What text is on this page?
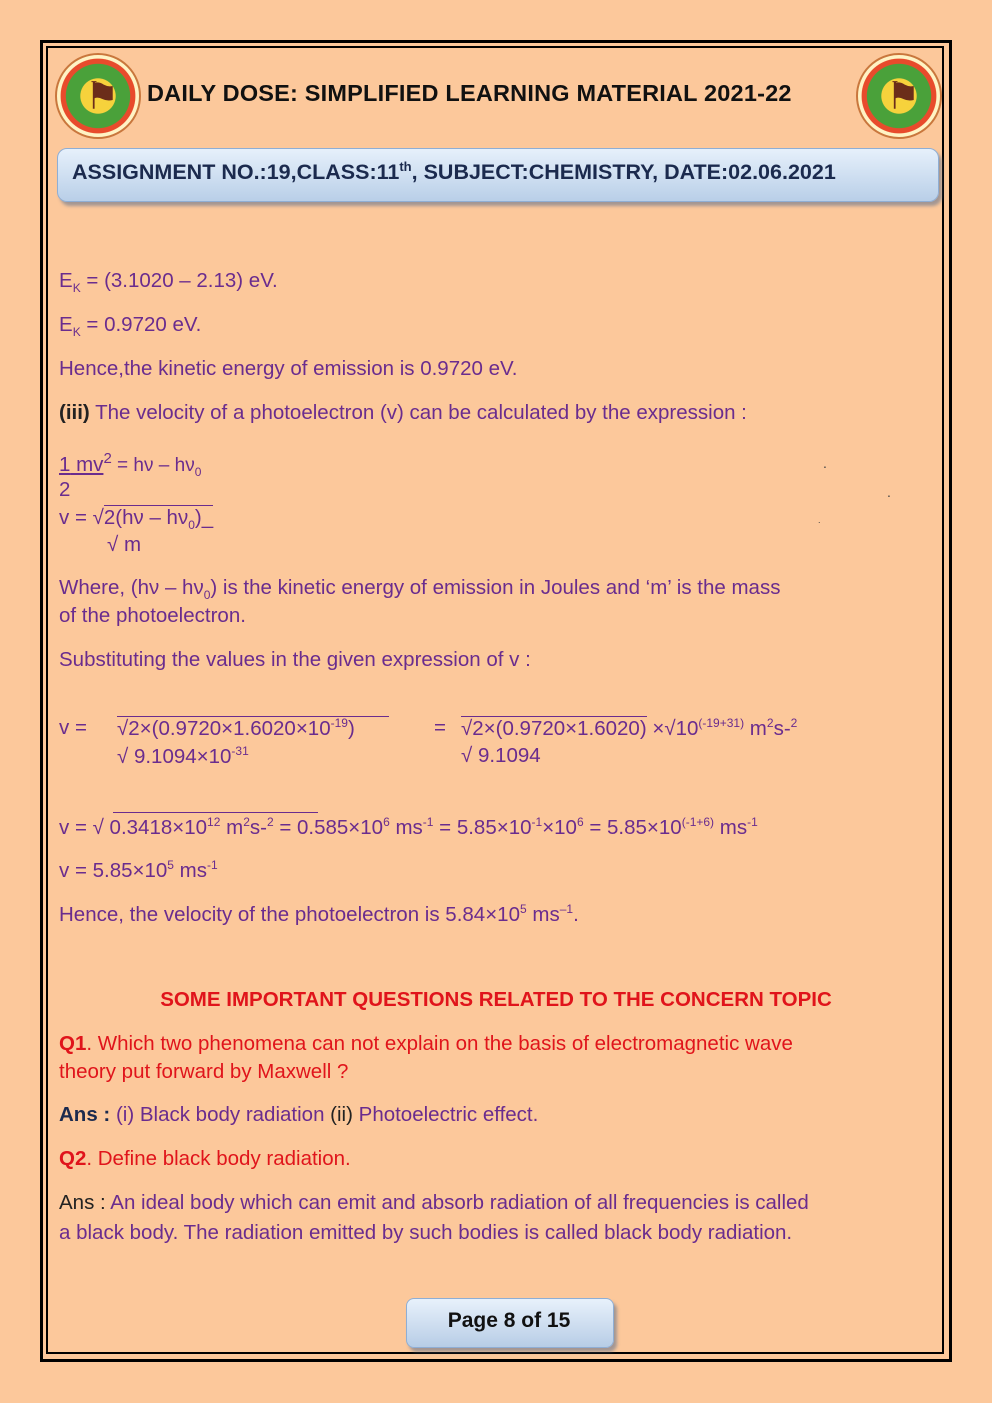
⚑	⚑
DAILY DOSE: SIMPLIFIED LEARNING MATERIAL 2021-22
ASSIGNMENT NO.:19,CLASS:11th, SUBJECT:CHEMISTRY, DATE:02.06.2021
$E_K = (3.1020 - 2.13)$ eV.
$E_K = 0.9720$ eV.
Hence,the kinetic energy of emission is 0.9720 eV.
(iii) The velocity of a photoelectron (v) can be calculated by the expression :
1 $mv^2 = h\nu - h\nu_0$
2
.
.
$v = √2(h\nu - h\nu_0)\_$
√ m
.
Where, $(h\nu - h\nu_0)$ is the kinetic energy of emission in Joules and ‘m’ is the mass
of the photoelectron.
Substituting the values in the given expression of v :
$v = √2\times(0.9720\times 1.6020\times 10^{-19})$	= $√2\times(0.9720\times 1.6020) \times√10^{(-19+31)}$ $m^2s-^2$
√ $9.1094\times 10^{-31}$	√ 9.1094
v = √ $0.3418\times 10^{12}$ $m^2s-^2 = 0.585\times 10^6$ $ms^{-1} = 5.85\times 10^{-1}\times 10^6 = 5.85\times 10^{(-1+6)}$ $ms^{-1}$
$v = 5.85\times 10^5$ $ms^{-1}$
Hence, the velocity of the photoelectron is $5.84\times 10^5$ $ms^{-1}$.
SOME IMPORTANT QUESTIONS RELATED TO THE CONCERN TOPIC
Q1. Which two phenomena can not explain on the basis of electromagnetic wave
theory put forward by Maxwell ?
Ans : (i) Black body radiation (ii) Photoelectric effect.
Q2. Define black body radiation.
Ans : An ideal body which can emit and absorb radiation of all frequencies is called
a black body. The radiation emitted by such bodies is called black body radiation.
Page 8 of 15
